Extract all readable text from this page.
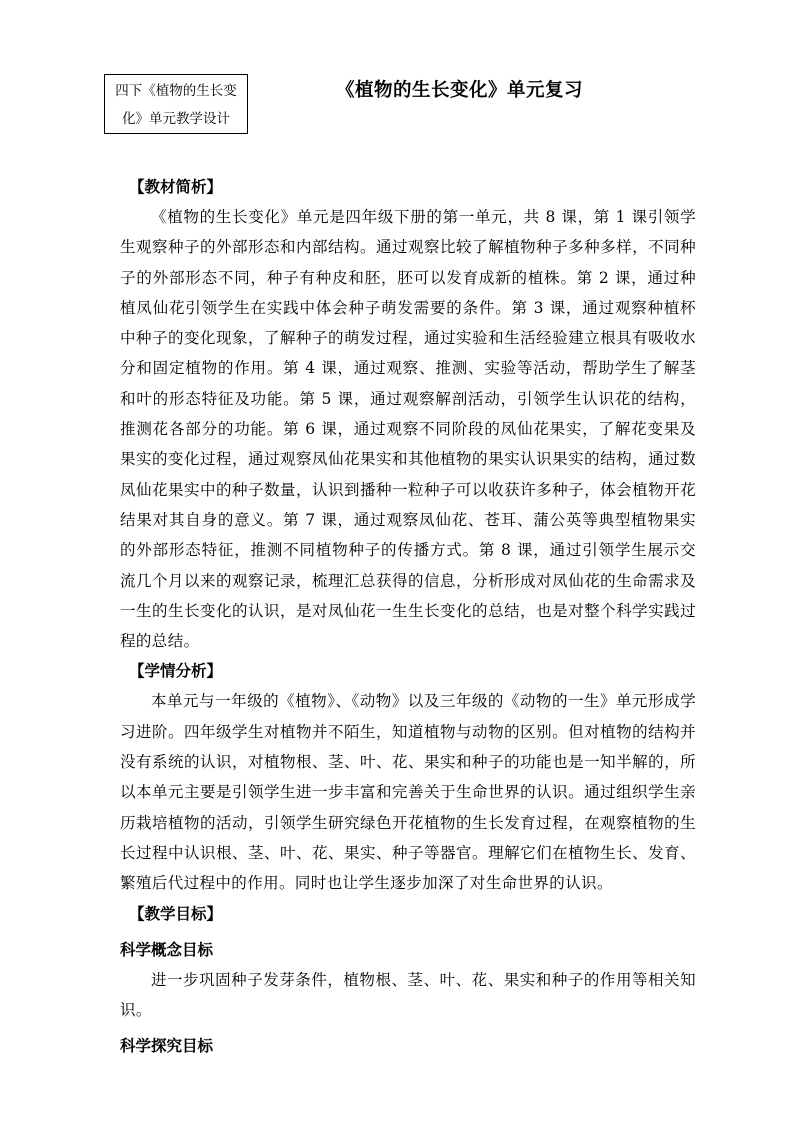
四下《植物的生长变
化》单元教学设计
《植物的生长变化》单元复习
【教材简析】

《植物的生长变化》单元是四年级下册的第一单元，共 8 课，第 1 课引领学生观察种子的外部形态和内部结构。通过观察比较了解植物种子多种多样，不同种子的外部形态不同，种子有种皮和胚，胚可以发育成新的植株。第 2 课，通过种植凤仙花引领学生在实践中体会种子萌发需要的条件。第 3 课，通过观察种植杯中种子的变化现象，了解种子的萌发过程，通过实验和生活经验建立根具有吸收水分和固定植物的作用。第 4 课，通过观察、推测、实验等活动，帮助学生了解茎和叶的形态特征及功能。第 5 课，通过观察解剖活动，引领学生认识花的结构，推测花各部分的功能。第 6 课，通过观察不同阶段的凤仙花果实，了解花变果及果实的变化过程，通过观察凤仙花果实和其他植物的果实认识果实的结构，通过数凤仙花果实中的种子数量，认识到播种一粒种子可以收获许多种子，体会植物开花结果对其自身的意义。第 7 课，通过观察凤仙花、苍耳、蒲公英等典型植物果实的外部形态特征，推测不同植物种子的传播方式。第 8 课，通过引领学生展示交流几个月以来的观察记录，梳理汇总获得的信息，分析形成对凤仙花的生命需求及一生的生长变化的认识，是对凤仙花一生生长变化的总结，也是对整个科学实践过程的总结。

【学情分析】

本单元与一年级的《植物》、《动物》以及三年级的《动物的一生》单元形成学习进阶。四年级学生对植物并不陌生，知道植物与动物的区别。但对植物的结构并没有系统的认识，对植物根、茎、叶、花、果实和种子的功能也是一知半解的，所以本单元主要是引领学生进一步丰富和完善关于生命世界的认识。通过组织学生亲历栽培植物的活动，引领学生研究绿色开花植物的生长发育过程，在观察植物的生长过程中认识根、茎、叶、花、果实、种子等器官。理解它们在植物生长、发育、繁殖后代过程中的作用。同时也让学生逐步加深了对生命世界的认识。

【教学目标】
科学概念目标

进一步巩固种子发芽条件，植物根、茎、叶、花、果实和种子的作用等相关知识。

科学探究目标
